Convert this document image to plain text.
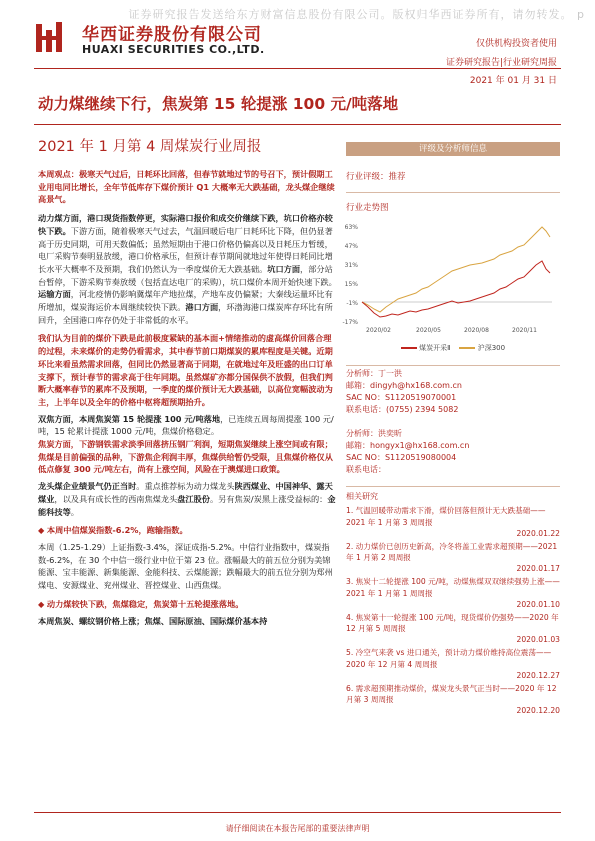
证券研究报告发送给东方财富信息股份有限公司。版权归华西证券所有，请勿转发。 p
华西证券股份有限公司
HUAXI SECURITIES CO.,LTD.	仅供机构投资者使用
证券研究报告|行业研究周报
2021 年 01 月 31 日
动力煤继续下行，焦炭第 15 轮提涨 100 元/吨落地
2021 年 1 月第 4 周煤炭行业周报

本周观点：极寒天气过后，日耗环比回落，但春节就地过节的号召下，预计假期工业用电同比增长，全年节低库存下煤价预计 Q1 大概率无大跌基础，龙头煤企继续高景气。

动力煤方面，港口现货指数停更，实际港口报价和成交价继续下跌，坑口价格亦较快下跌。下游方面，随着极寒天气过去，气温回暖后电厂日耗环比下降，但仍显著高于历史同期，可用天数偏低；虽然短期由于港口价格仍偏高以及日耗压力暂缓，电厂采购节奏明显放缓，港口价格承压，但预计春节期间就地过年使得日耗同比增长水平大概率不及预期，我们仍然认为一季度煤价无大跌基础。坑口方面，部分站台暂停，下游采购节奏放缓（包括直达电厂的采购），坑口煤价本周开始快速下跌。运输方面，河北疫情仍影响冀煤年产地拉煤，产地车皮仍偏紧；大秦线运量环比有所增加，煤炭海运价本周继续较快下跌。港口方面，环渤海港口煤炭库存环比有所回升，全国港口库存仍处于非常低的水平。

我们认为目前的煤价下跌是此前极度紧缺的基本面+情绪推动的虚高煤价回落合理的过程，未来煤价的走势仍看需求，其中春节前口期煤炭的累库程度是关键。近期环比来看虽然需求回落，但同比仍然显著高于同期，在就地过年及旺盛的出口订单支撑下，预计春节的需求高于往年同期。虽然煤矿亦都分国保供不放假，但我们判断大概率春节的累库不及预期，一季度的煤价预计无大跌基础，以高位宽幅波动为主，上半年以及全年的价格中枢将超预期抬升。

双焦方面，本周焦炭第 15 轮提涨 100 元/吨落地，已连续五周每周提涨 100 元/吨，15 轮累计提涨 1000 元/吨，焦煤价格稳定。
焦炭方面，下游钢铁需求淡季回落挤压钢厂利润，短期焦炭继续上涨空间或有限；焦煤是目前偏强的品种，下游焦企利润丰厚，焦煤供给暂仍受限，且焦煤价格仅从低点修复 300 元/吨左右，尚有上涨空间，风险在于澳煤进口政策。

龙头煤企业绩景气仍正当时。重点推荐标为动力煤龙头陕西煤业、中国神华、露天煤业，以及具有成长性的西南焦煤龙头盘江股份。另有焦炭/炭黑上涨受益标的：金能科技等。

◆ 本周中信煤炭指数-6.2%，跑输指数。

本周（1.25-1.29）上证指数-3.4%，深证成指-5.2%。中信行业指数中，煤炭指数-6.2%，在 30 个中信一级行业中位于第 23 位。涨幅最大的前五位分别为美锦能源、宝丰能源、新集能源、金能科技、云煤能源；跌幅最大的前五位分别为郑州煤电、安源煤业、兖州煤业、晋控煤业、山西焦煤。

◆ 动力煤较快下跌，焦煤稳定，焦炭第十五轮提涨落地。

本周焦炭、螺纹钢价格上涨；焦煤、国际原油、国际煤价基本持

评级及分析师信息
行业评级：推荐
行业走势图
63%
47%
31%
15%
-1%
-17%
2020/02	2020/05	2020/08	2020/11
煤炭开采Ⅱ	沪深300
分析师：丁一洪
邮箱：dingyh@hx168.com.cn
SAC NO：S1120519070001
联系电话：(0755) 2394 5082
分析师：洪奕昕
邮箱：hongyx1@hx168.com.cn
SAC NO：S1120519080004
联系电话：
相关研究
1. 气温回暖带动需求下滑，煤价回落但预计无大跌基础——2021 年 1 月第 3 周周报
2020.01.22
2. 动力煤价已创历史新高，冷冬将盖工业需求超预期——2021 年 1 月第 2 周周报
2020.01.17
3. 焦炭十二轮提涨 100 元/吨，动煤焦煤双双继续强势上涨——2021 年 1 月第 1 周周报
2020.01.10
4. 焦炭第十一轮提涨 100 元/吨，现货煤价仍强势——2020 年 12 月第 5 周周报
2020.01.03
5. 冷空气来袭 vs 进口通关，预计动力煤价维持高位震荡——2020 年 12 月第 4 周周报
2020.12.27
6. 需求超预期推动煤价，煤炭龙头景气正当时——2020 年 12 月第 3 周周报
2020.12.20
请仔细阅读在本报告尾部的重要法律声明
